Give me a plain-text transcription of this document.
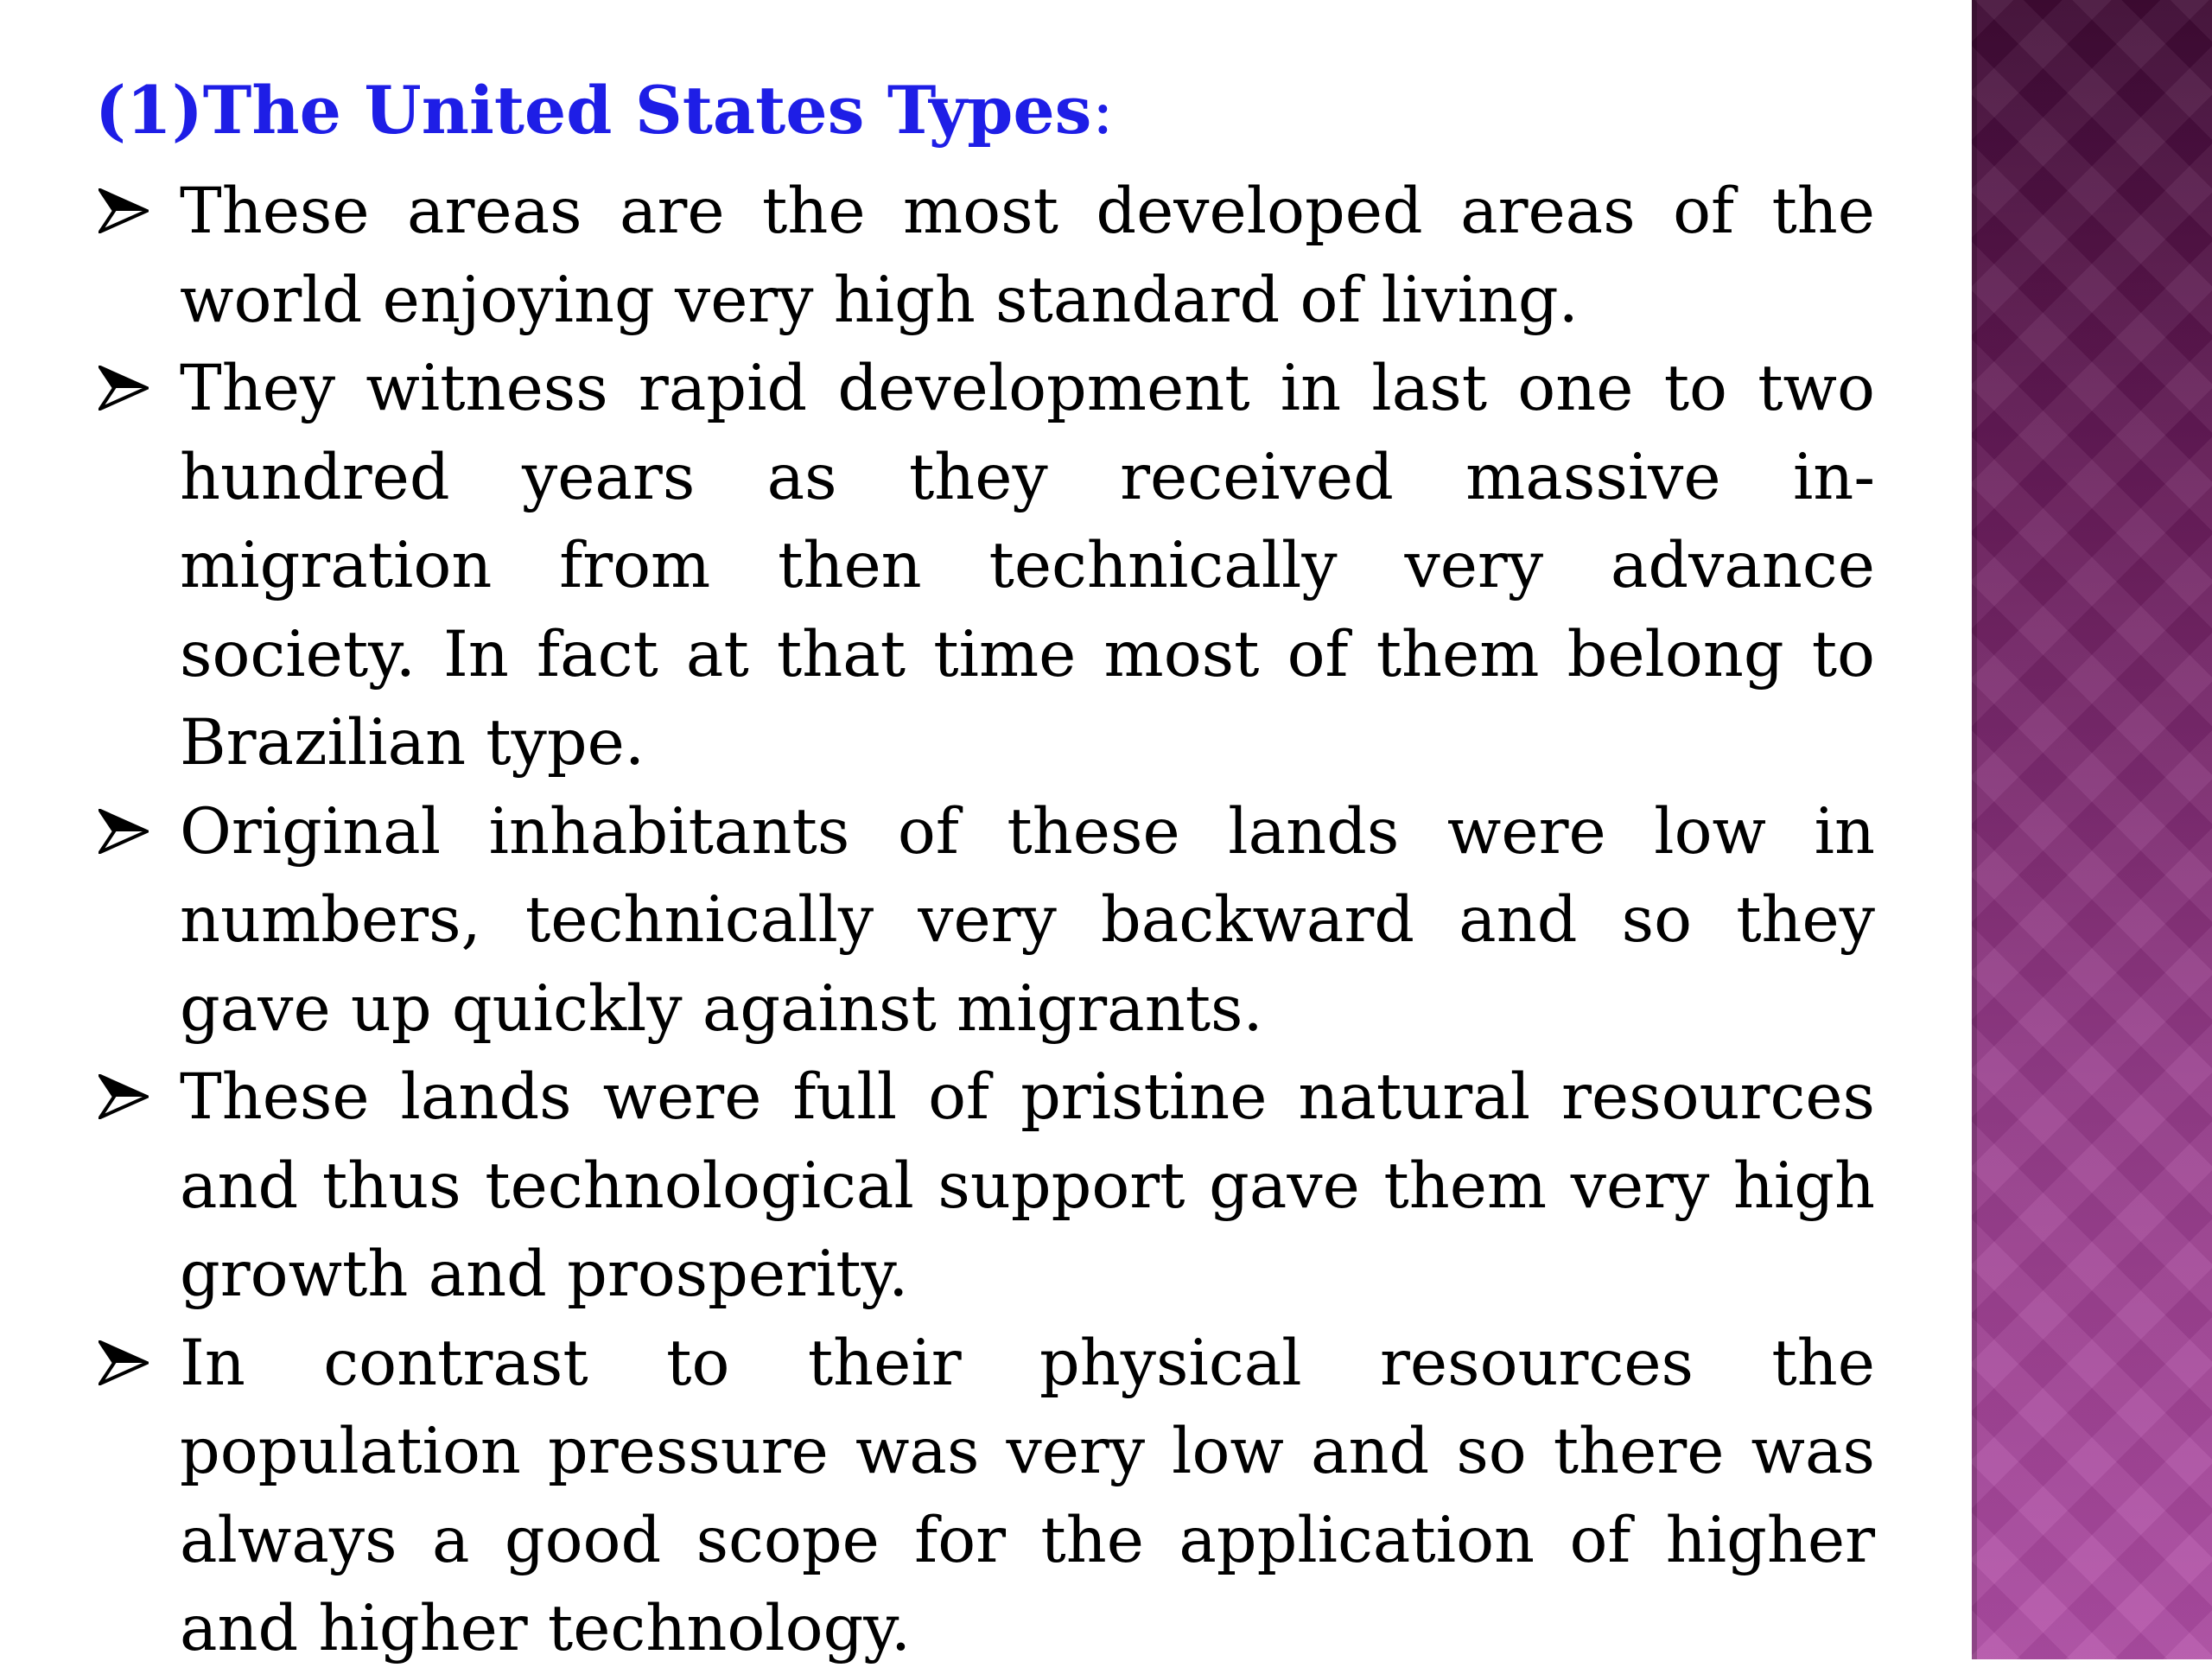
(1)The United States Types:
These areas are the most developed areas of the world enjoying very high standard of living.
They witness rapid development in last one to two hundred years as they received massive in-migration from then technically very advance society. In fact at that time most of them belong to Brazilian type.
Original inhabitants of these lands were low in numbers, technically very backward and so they gave up quickly against migrants.
These lands were full of pristine natural resources and thus technological support gave them very high growth and prosperity.
In contrast to their physical resources the population pressure was very low and so there was always a good scope for the application of higher and higher technology.
